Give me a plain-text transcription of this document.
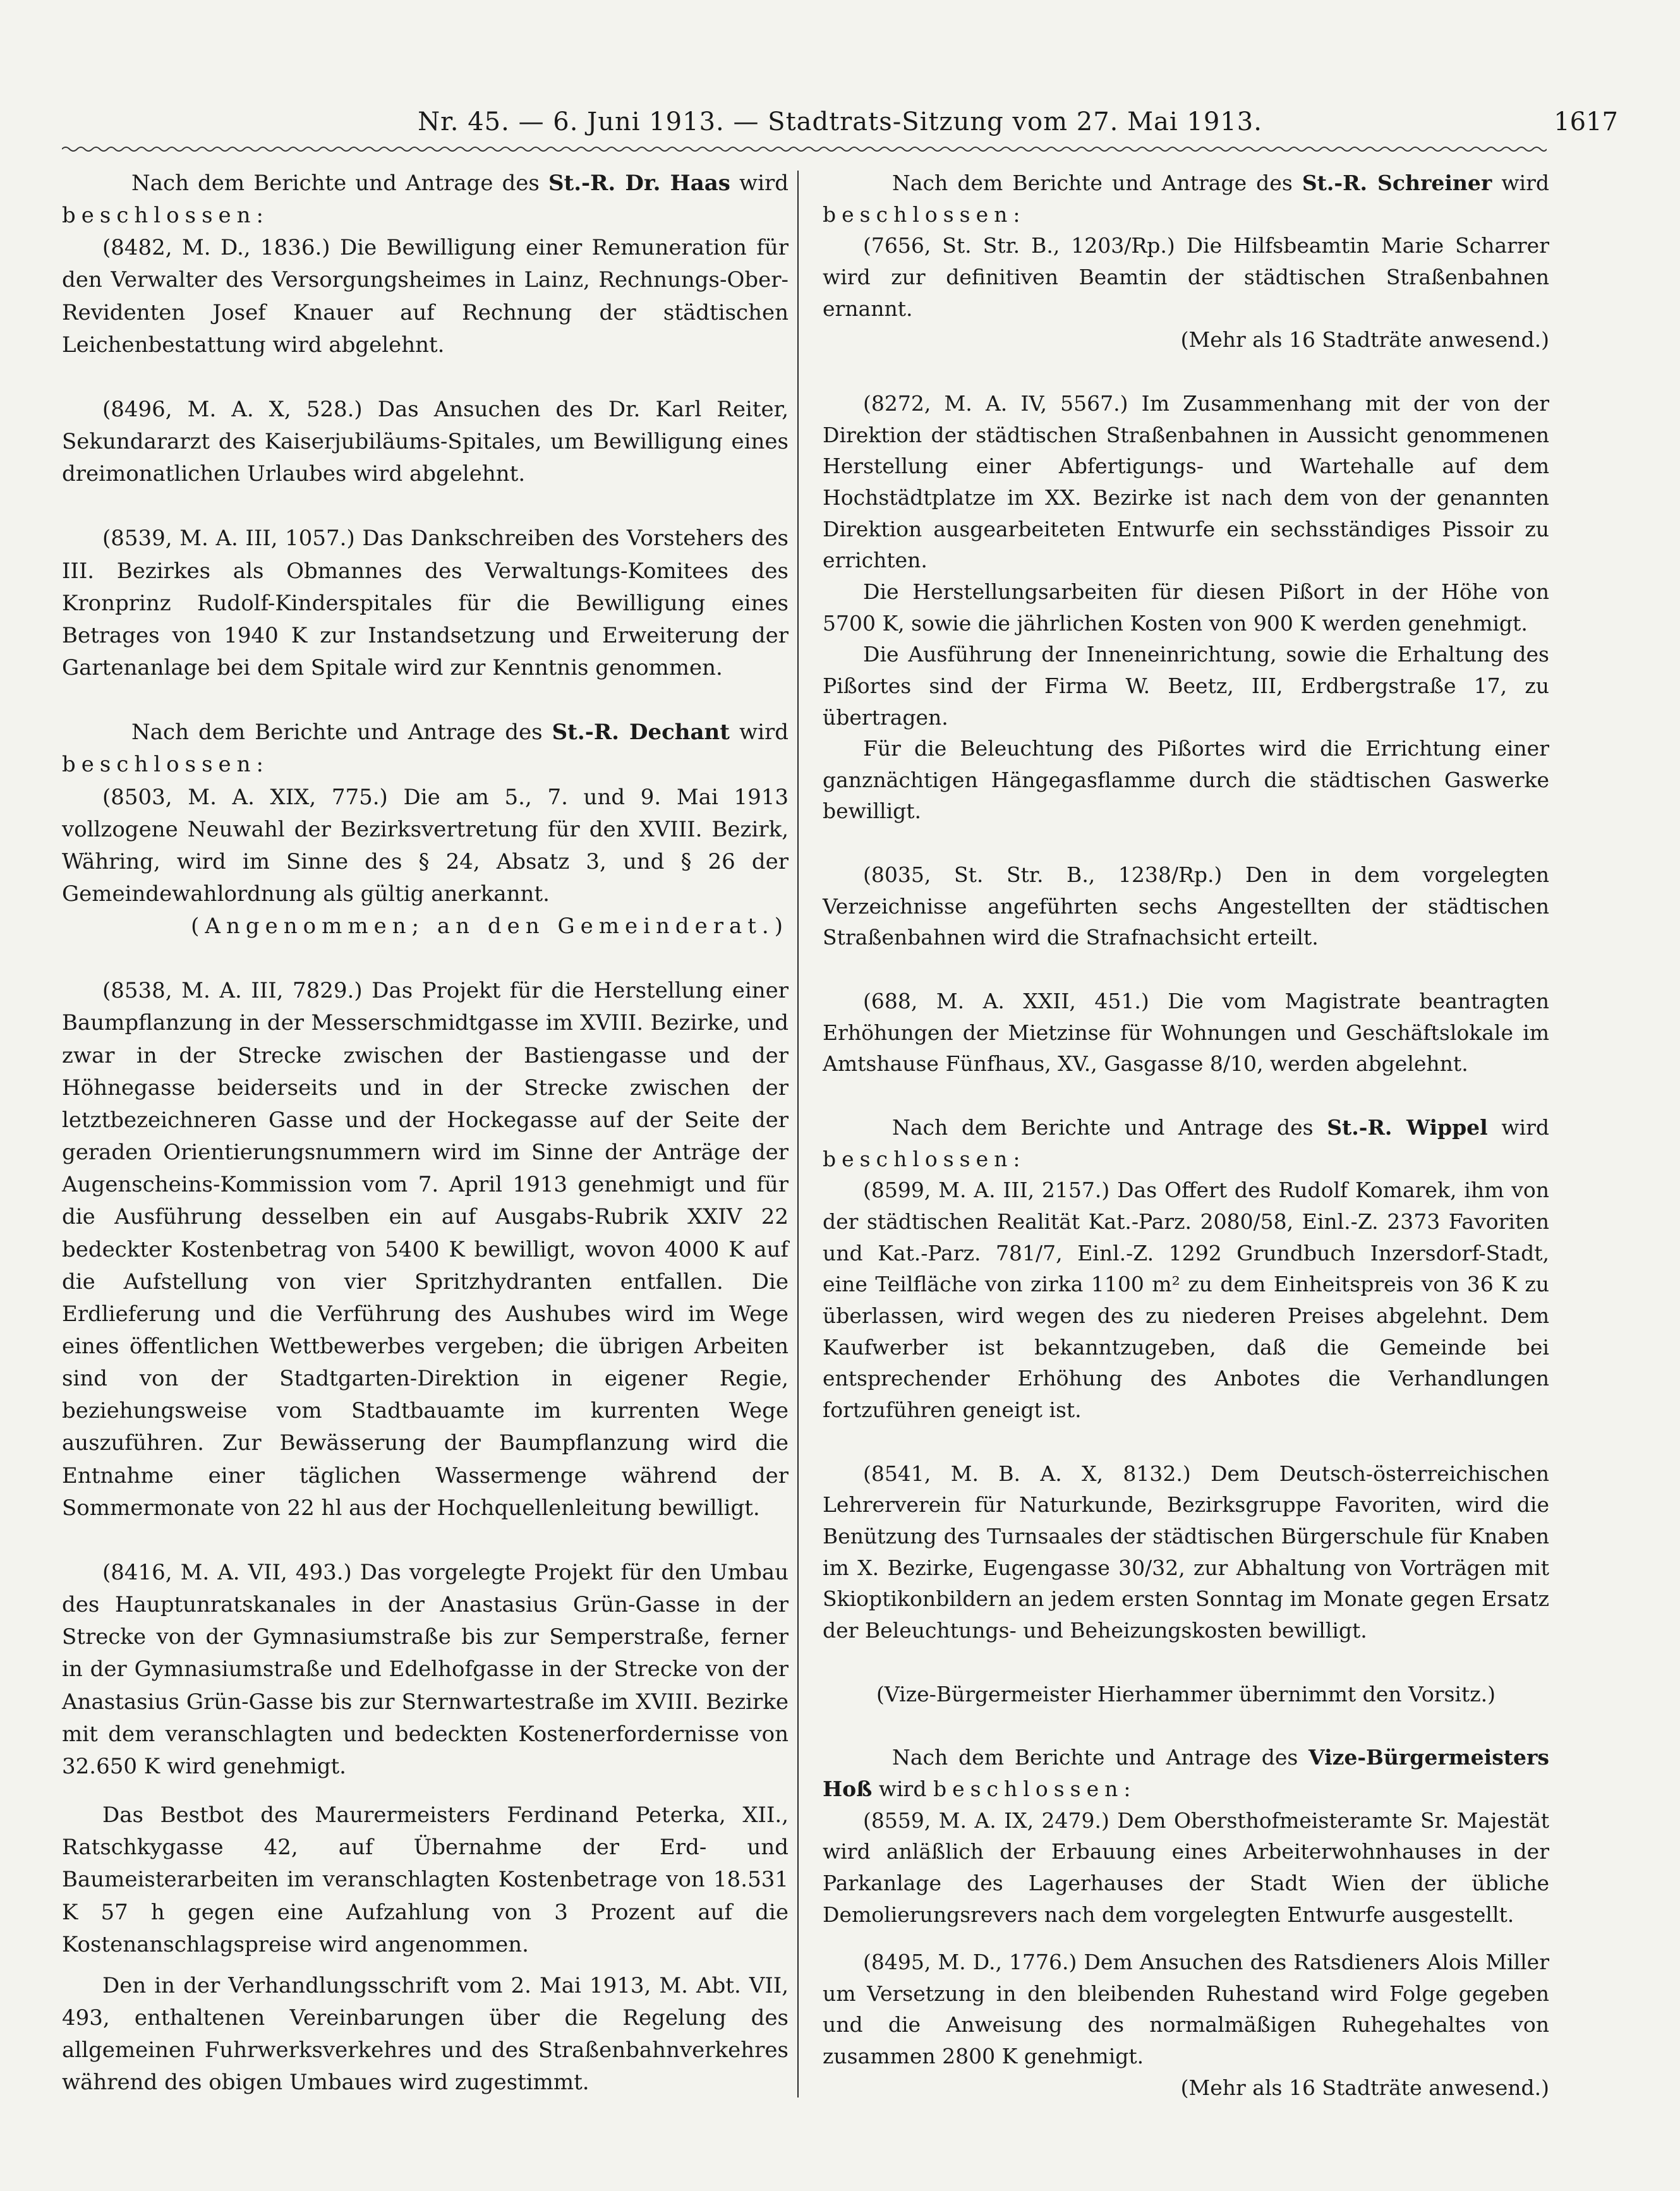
Nr. 45. — 6. Juni 1913. — Stadtrats-Sitzung vom 27. Mai 1913.	1617

Nach dem Berichte und Antrage des St.-R. Dr. Haas wird beschlossen:

(8482, M. D., 1836.) Die Bewilligung einer Remuneration für den Verwalter des Versorgungsheimes in Lainz, Rechnungs-Ober-Revidenten Josef Knauer auf Rechnung der städtischen Leichenbestattung wird abgelehnt.

(8496, M. A. X, 528.) Das Ansuchen des Dr. Karl Reiter, Sekundararzt des Kaiserjubiläums-Spitales, um Bewilligung eines dreimonatlichen Urlaubes wird abgelehnt.

(8539, M. A. III, 1057.) Das Dankschreiben des Vorstehers des III. Bezirkes als Obmannes des Verwaltungs-Komitees des Kronprinz Rudolf-Kinderspitales für die Bewilligung eines Betrages von 1940 K zur Instandsetzung und Erweiterung der Gartenanlage bei dem Spitale wird zur Kenntnis genommen.

Nach dem Berichte und Antrage des St.-R. Dechant wird beschlossen:

(8503, M. A. XIX, 775.) Die am 5., 7. und 9. Mai 1913 vollzogene Neuwahl der Bezirksvertretung für den XVIII. Bezirk, Währing, wird im Sinne des § 24, Absatz 3, und § 26 der Gemeindewahlordnung als gültig anerkannt.

(Angenommen; an den Gemeinderat.)

(8538, M. A. III, 7829.) Das Projekt für die Herstellung einer Baumpflanzung in der Messerschmidtgasse im XVIII. Bezirke, und zwar in der Strecke zwischen der Bastiengasse und der Höhnegasse beiderseits und in der Strecke zwischen der letztbezeichneren Gasse und der Hockegasse auf der Seite der geraden Orientierungsnummern wird im Sinne der Anträge der Augenscheins-Kommission vom 7. April 1913 genehmigt und für die Ausführung desselben ein auf Ausgabs-Rubrik XXIV 22 bedeckter Kostenbetrag von 5400 K bewilligt, wovon 4000 K auf die Aufstellung von vier Spritzhydranten entfallen. Die Erdlieferung und die Verführung des Aushubes wird im Wege eines öffentlichen Wettbewerbes vergeben; die übrigen Arbeiten sind von der Stadtgarten-Direktion in eigener Regie, beziehungsweise vom Stadtbauamte im kurrenten Wege auszuführen. Zur Bewässerung der Baumpflanzung wird die Entnahme einer täglichen Wassermenge während der Sommermonate von 22 hl aus der Hochquellenleitung bewilligt.

(8416, M. A. VII, 493.) Das vorgelegte Projekt für den Umbau des Hauptunratskanales in der Anastasius Grün-Gasse in der Strecke von der Gymnasiumstraße bis zur Semperstraße, ferner in der Gymnasiumstraße und Edelhofgasse in der Strecke von der Anastasius Grün-Gasse bis zur Sternwartestraße im XVIII. Bezirke mit dem veranschlagten und bedeckten Kostenerfordernisse von 32.650 K wird genehmigt.

Das Bestbot des Maurermeisters Ferdinand Peterka, XII., Ratschkygasse 42, auf Übernahme der Erd- und Baumeisterarbeiten im veranschlagten Kostenbetrage von 18.531 K 57 h gegen eine Aufzahlung von 3 Prozent auf die Kostenanschlagspreise wird angenommen.

Den in der Verhandlungsschrift vom 2. Mai 1913, M. Abt. VII, 493, enthaltenen Vereinbarungen über die Regelung des allgemeinen Fuhrwerksverkehres und des Straßenbahnverkehres während des obigen Umbaues wird zugestimmt.

Nach dem Berichte und Antrage des St.-R. Schreiner wird beschlossen:

(7656, St. Str. B., 1203/Rp.) Die Hilfsbeamtin Marie Scharrer wird zur definitiven Beamtin der städtischen Straßenbahnen ernannt.

(Mehr als 16 Stadträte anwesend.)

(8272, M. A. IV, 5567.) Im Zusammenhang mit der von der Direktion der städtischen Straßenbahnen in Aussicht genommenen Herstellung einer Abfertigungs- und Wartehalle auf dem Hochstädtplatze im XX. Bezirke ist nach dem von der genannten Direktion ausgearbeiteten Entwurfe ein sechsständiges Pissoir zu errichten.

Die Herstellungsarbeiten für diesen Pißort in der Höhe von 5700 K, sowie die jährlichen Kosten von 900 K werden genehmigt.

Die Ausführung der Inneneinrichtung, sowie die Erhaltung des Pißortes sind der Firma W. Beetz, III, Erdbergstraße 17, zu übertragen.

Für die Beleuchtung des Pißortes wird die Errichtung einer ganznächtigen Hängegasflamme durch die städtischen Gaswerke bewilligt.

(8035, St. Str. B., 1238/Rp.) Den in dem vorgelegten Verzeichnisse angeführten sechs Angestellten der städtischen Straßenbahnen wird die Strafnachsicht erteilt.

(688, M. A. XXII, 451.) Die vom Magistrate beantragten Erhöhungen der Mietzinse für Wohnungen und Geschäftslokale im Amtshause Fünfhaus, XV., Gasgasse 8/10, werden abgelehnt.

Nach dem Berichte und Antrage des St.-R. Wippel wird beschlossen:

(8599, M. A. III, 2157.) Das Offert des Rudolf Komarek, ihm von der städtischen Realität Kat.-Parz. 2080/58, Einl.-Z. 2373 Favoriten und Kat.-Parz. 781/7, Einl.-Z. 1292 Grundbuch Inzersdorf-Stadt, eine Teilfläche von zirka 1100 m² zu dem Einheitspreis von 36 K zu überlassen, wird wegen des zu niederen Preises abgelehnt. Dem Kaufwerber ist bekanntzugeben, daß die Gemeinde bei entsprechender Erhöhung des Anbotes die Verhandlungen fortzuführen geneigt ist.

(8541, M. B. A. X, 8132.) Dem Deutsch-österreichischen Lehrerverein für Naturkunde, Bezirksgruppe Favoriten, wird die Benützung des Turnsaales der städtischen Bürgerschule für Knaben im X. Bezirke, Eugengasse 30/32, zur Abhaltung von Vorträgen mit Skioptikonbildern an jedem ersten Sonntag im Monate gegen Ersatz der Beleuchtungs- und Beheizungskosten bewilligt.

(Vize-Bürgermeister Hierhammer übernimmt den Vorsitz.)

Nach dem Berichte und Antrage des Vize-Bürgermeisters Hoß wird beschlossen:

(8559, M. A. IX, 2479.) Dem Obersthofmeisteramte Sr. Majestät wird anläßlich der Erbauung eines Arbeiterwohnhauses in der Parkanlage des Lagerhauses der Stadt Wien der übliche Demolierungsrevers nach dem vorgelegten Entwurfe ausgestellt.

(8495, M. D., 1776.) Dem Ansuchen des Ratsdieners Alois Miller um Versetzung in den bleibenden Ruhestand wird Folge gegeben und die Anweisung des normalmäßigen Ruhegehaltes von zusammen 2800 K genehmigt.

(Mehr als 16 Stadträte anwesend.)
